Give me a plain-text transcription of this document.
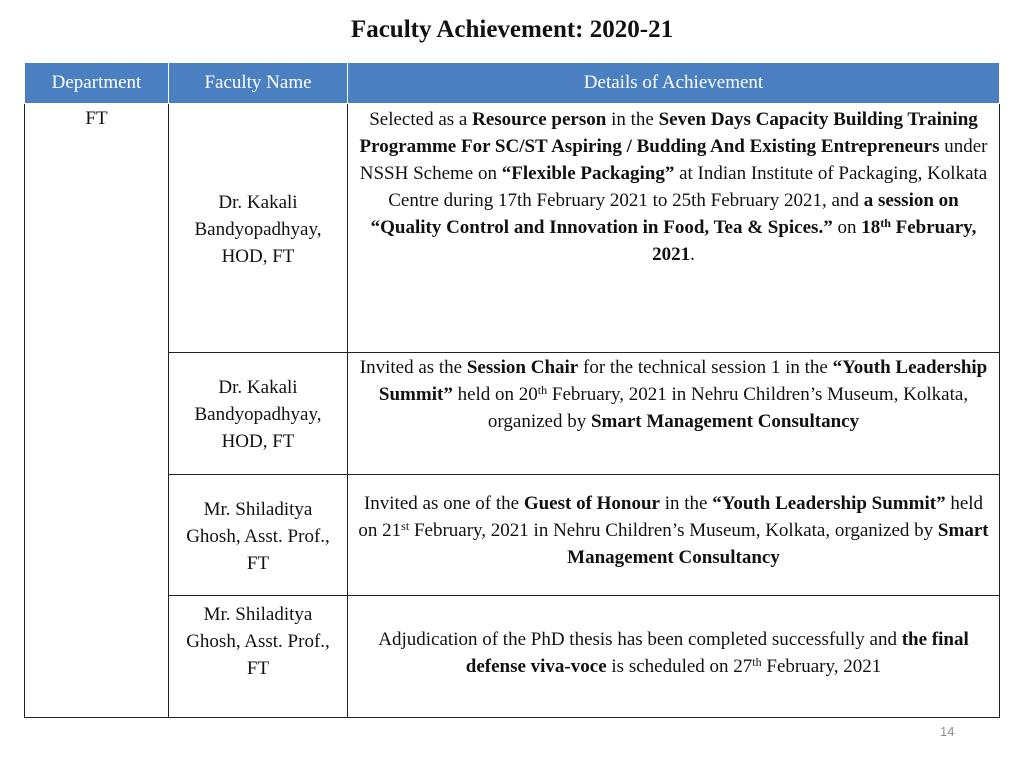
Faculty Achievement: 2020-21
Department	Faculty Name	Details of Achievement
FT	Dr. Kakali Bandyopadhyay, HOD, FT	Selected as a Resource person in the Seven Days Capacity Building Training Programme For SC/ST Aspiring / Budding And Existing Entrepreneurs under NSSH Scheme on “Flexible Packaging” at Indian Institute of Packaging, Kolkata Centre during 17th February 2021 to 25th February 2021, and a session on “Quality Control and Innovation in Food, Tea & Spices.” on 18th February, 2021.

	Dr. Kakali Bandyopadhyay, HOD, FT	Invited as the Session Chair for the technical session 1 in the “Youth Leadership Summit” held on 20th February, 2021 in Nehru Children’s Museum, Kolkata, organized by Smart Management Consultancy

	Mr. Shiladitya Ghosh, Asst. Prof., FT	Invited as one of the Guest of Honour in the “Youth Leadership Summit” held on 21st February, 2021 in Nehru Children’s Museum, Kolkata, organized by Smart Management Consultancy

	Mr. Shiladitya Ghosh, Asst. Prof., FT	Adjudication of the PhD thesis has been completed successfully and the final defense viva-voce is scheduled on 27th February, 2021
14
